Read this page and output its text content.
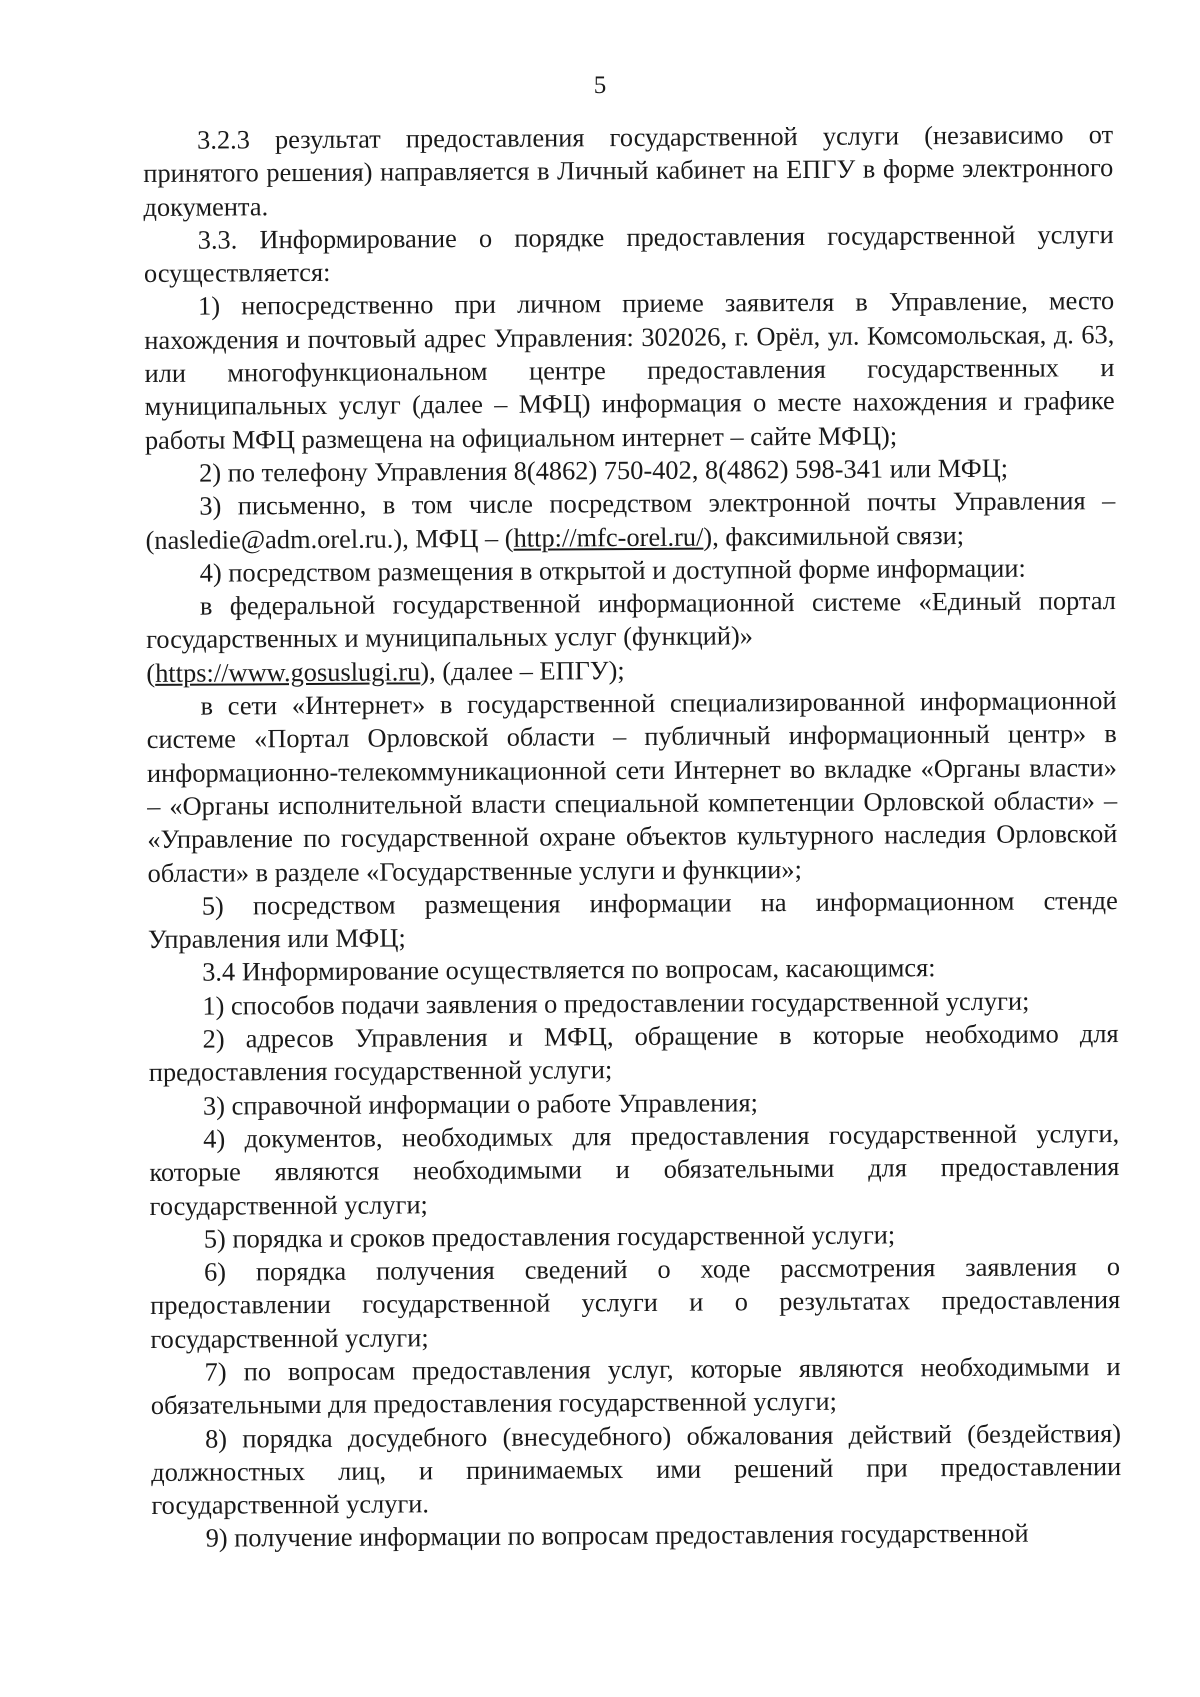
5

3.2.3 результат предоставления государственной услуги (независимо от принятого решения) направляется в Личный кабинет на ЕПГУ в форме электронного документа.

3.3. Информирование о порядке предоставления государственной услуги осуществляется:

1) непосредственно при личном приеме заявителя в Управление, место нахождения и почтовый адрес Управления: 302026, г. Орёл, ул. Комсомольская, д. 63, или многофункциональном центре предоставления государственных и муниципальных услуг (далее – МФЦ) информация о месте нахождения и графике работы МФЦ размещена на официальном интернет – сайте МФЦ);

2) по телефону Управления 8(4862) 750-402, 8(4862) 598-341 или МФЦ;

3) письменно, в том числе посредством электронной почты Управления – (nasledie@adm.orel.ru.), МФЦ – (http://mfc-orel.ru/), факсимильной связи;

4) посредством размещения в открытой и доступной форме информации:

в федеральной государственной информационной системе «Единый портал государственных и муниципальных услуг (функций)»

(https://www.gosuslugi.ru), (далее – ЕПГУ);

в сети «Интернет» в государственной специализированной информационной системе «Портал Орловской области – публичный информационный центр» в информационно-телекоммуникационной сети Интернет во вкладке «Органы власти» – «Органы исполнительной власти специальной компетенции Орловской области» – «Управление по государственной охране объектов культурного наследия Орловской области» в разделе «Государственные услуги и функции»;

5) посредством размещения информации на информационном стенде Управления или МФЦ;

3.4 Информирование осуществляется по вопросам, касающимся:

1) способов подачи заявления о предоставлении государственной услуги;

2) адресов Управления и МФЦ, обращение в которые необходимо для предоставления государственной услуги;

3) справочной информации о работе Управления;

4) документов, необходимых для предоставления государственной услуги, которые являются необходимыми и обязательными для предоставления государственной услуги;

5) порядка и сроков предоставления государственной услуги;

6) порядка получения сведений о ходе рассмотрения заявления о предоставлении государственной услуги и о результатах предоставления государственной услуги;

7) по вопросам предоставления услуг, которые являются необходимыми и обязательными для предоставления государственной услуги;

8) порядка досудебного (внесудебного) обжалования действий (бездействия) должностных лиц, и принимаемых ими решений при предоставлении государственной услуги.

9) получение информации по вопросам предоставления государственной
